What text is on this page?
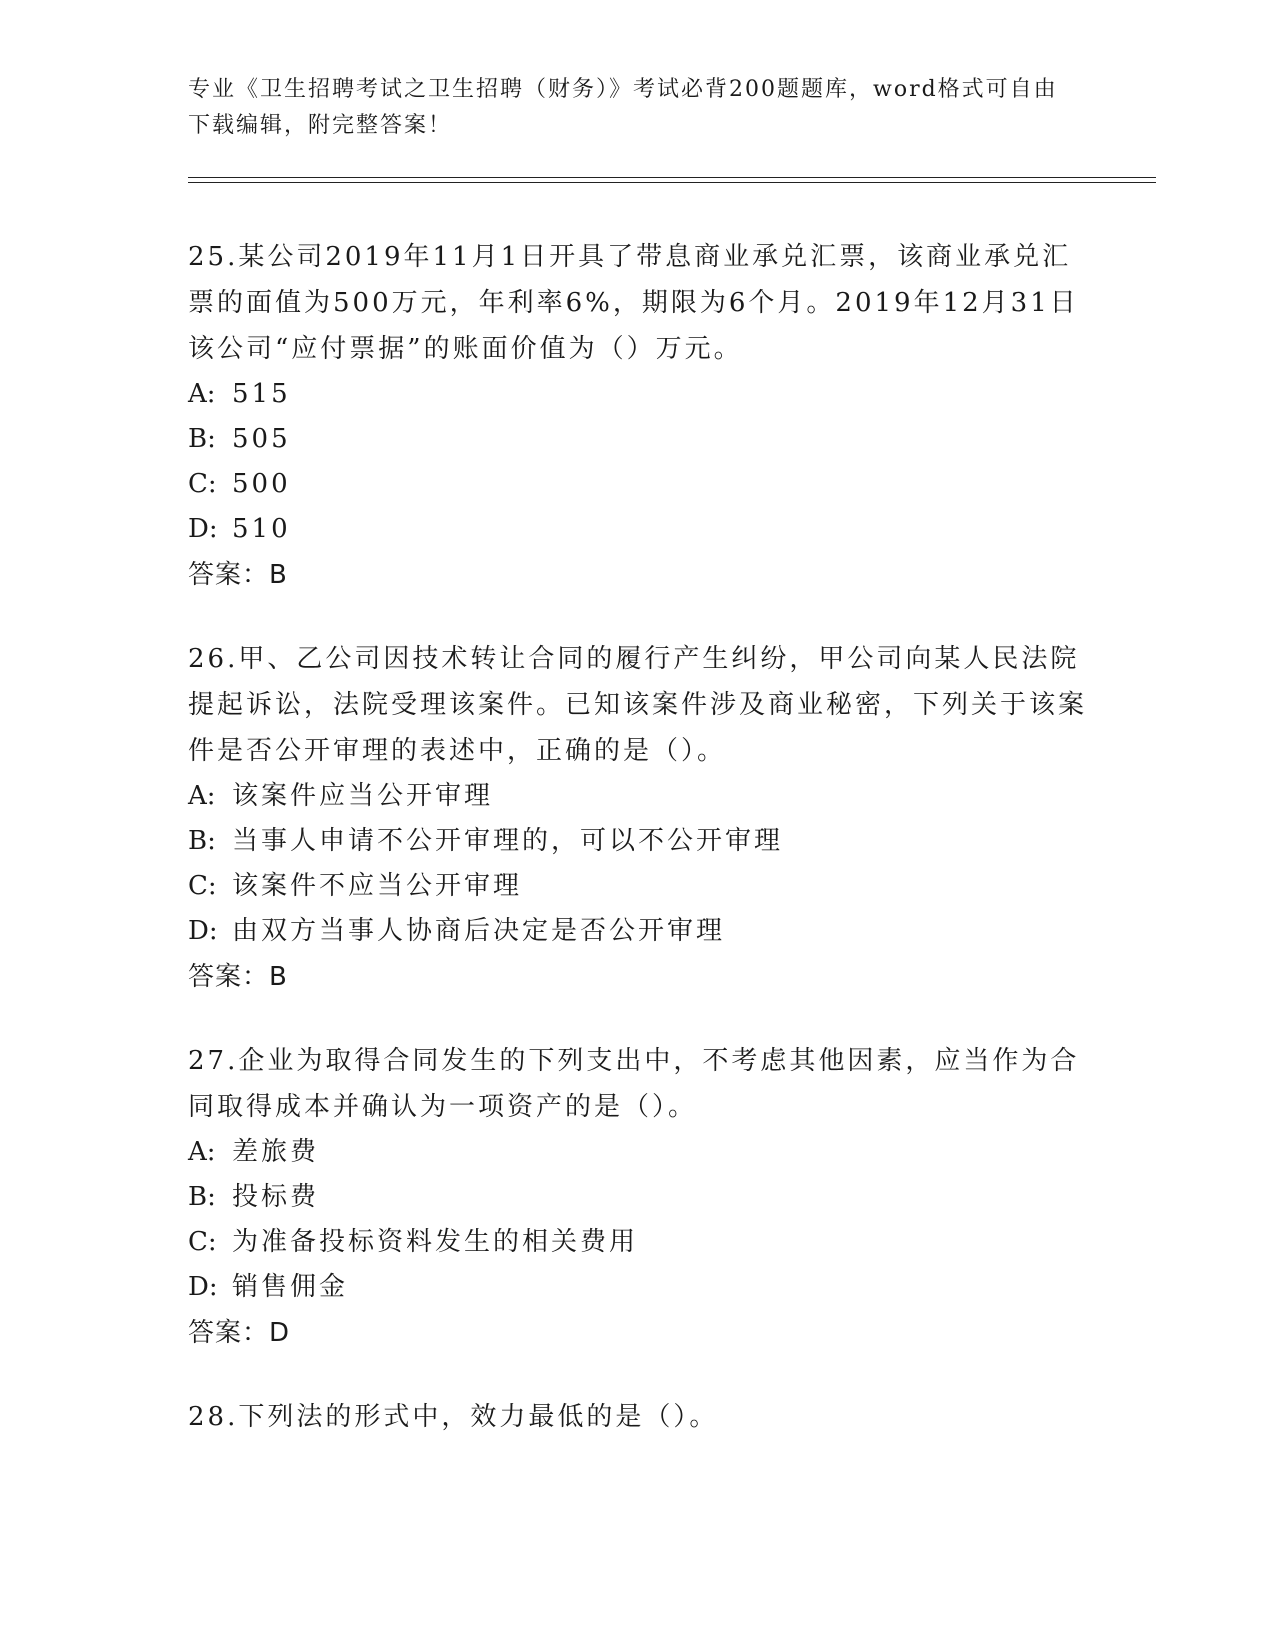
专业《卫生招聘考试之卫生招聘（财务）》考试必背200题题库，word格式可自由下载编辑，附完整答案！

25.某公司2019年11月1日开具了带息商业承兑汇票，该商业承兑汇票的面值为500万元，年利率6%，期限为6个月。2019年12月31日该公司“应付票据”的账面价值为（）万元。

A: 515
B: 505
C: 500
D: 510
答案：B

26.甲、乙公司因技术转让合同的履行产生纠纷，甲公司向某人民法院提起诉讼，法院受理该案件。已知该案件涉及商业秘密，下列关于该案件是否公开审理的表述中，正确的是（）。

A: 该案件应当公开审理
B: 当事人申请不公开审理的，可以不公开审理
C: 该案件不应当公开审理
D: 由双方当事人协商后决定是否公开审理
答案：B

27.企业为取得合同发生的下列支出中，不考虑其他因素，应当作为合同取得成本并确认为一项资产的是（）。

A: 差旅费
B: 投标费
C: 为准备投标资料发生的相关费用
D: 销售佣金
答案：D

28.下列法的形式中，效力最低的是（）。
